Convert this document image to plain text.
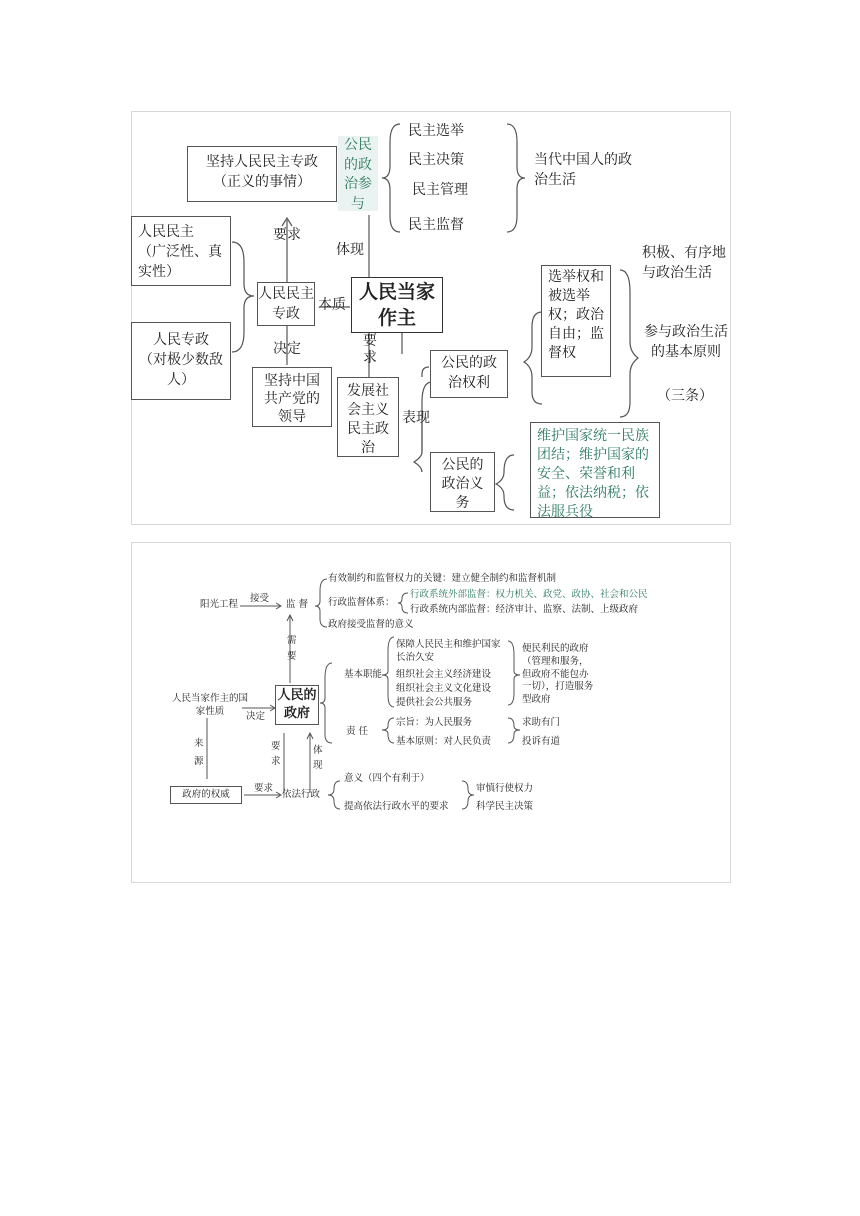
坚持人民民主专政
（正义的事情）
公民的政治参与
民主选举
民主决策
民主管理
民主监督
当代中国人的政治生活
要求
体现
人民民主
（广泛性、真实性）
人民专政
（对极少数敌人）
人民民主专政
本质
人民当家作主
决定	要求
坚持中国共产党的领导
发展社会主义民主政治
表现
公民的政治权利
选举权和被选举权；政治自由；监督权
积极、有序地与政治生活
参与政治生活的基本原则
（三条）
公民的政治义务
维护国家统一民族团结；维护国家的安全、荣誉和利益；依法纳税；依法服兵役
阳光工程
接受
监 督
有效制约和监督权力的关键：建立健全制约和监督机制
行政监督体系：
政府接受监督的意义
行政系统外部监督：权力机关、政党、政协、社会和公民
行政系统内部监督：经济审计、监察、法制、上级政府
需要
人民当家作主的国家性质	决定
人民的政府
基本职能
保障人民民主和维护国家长治久安
组织社会主义经济建设
组织社会主义文化建设
提供社会公共服务
便民利民的政府（管理和服务，但政府不能包办一切），打造服务型政府
责 任
宗旨：为人民服务
基本原则：对人民负责
求助有门
投诉有道
来源
要求
体现
政府的权威
要求
依法行政
意义（四个有利于）
提高依法行政水平的要求
审慎行使权力
科学民主决策
